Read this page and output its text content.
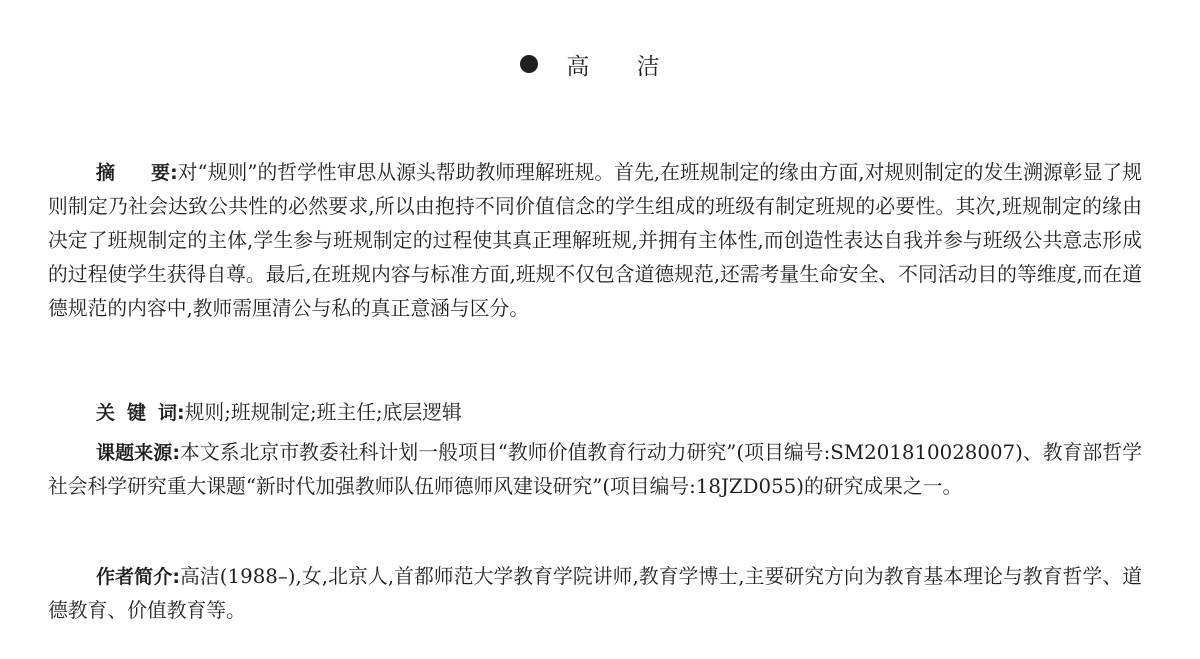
高 洁
摘要:对“规则”的哲学性审思从源头帮助教师理解班规。首先,在班规制定的缘由方面,对规则制定的发生溯源彰显了规则制定乃社会达致公共性的必然要求,所以由抱持不同价值信念的学生组成的班级有制定班规的必要性。其次,班规制定的缘由决定了班规制定的主体,学生参与班规制定的过程使其真正理解班规,并拥有主体性,而创造性表达自我并参与班级公共意志形成的过程使学生获得自尊。最后,在班规内容与标准方面,班规不仅包含道德规范,还需考量生命安全、不同活动目的等维度,而在道德规范的内容中,教师需厘清公与私的真正意涵与区分。
关键词:规则;班规制定;班主任;底层逻辑
课题来源:本文系北京市教委社科计划一般项目“教师价值教育行动力研究”(项目编号:SM201810028007)、教育部哲学社会科学研究重大课题“新时代加强教师队伍师德师风建设研究”(项目编号:18JZD055)的研究成果之一。
作者简介:高洁(1988–),女,北京人,首都师范大学教育学院讲师,教育学博士,主要研究方向为教育基本理论与教育哲学、道德教育、价值教育等。
